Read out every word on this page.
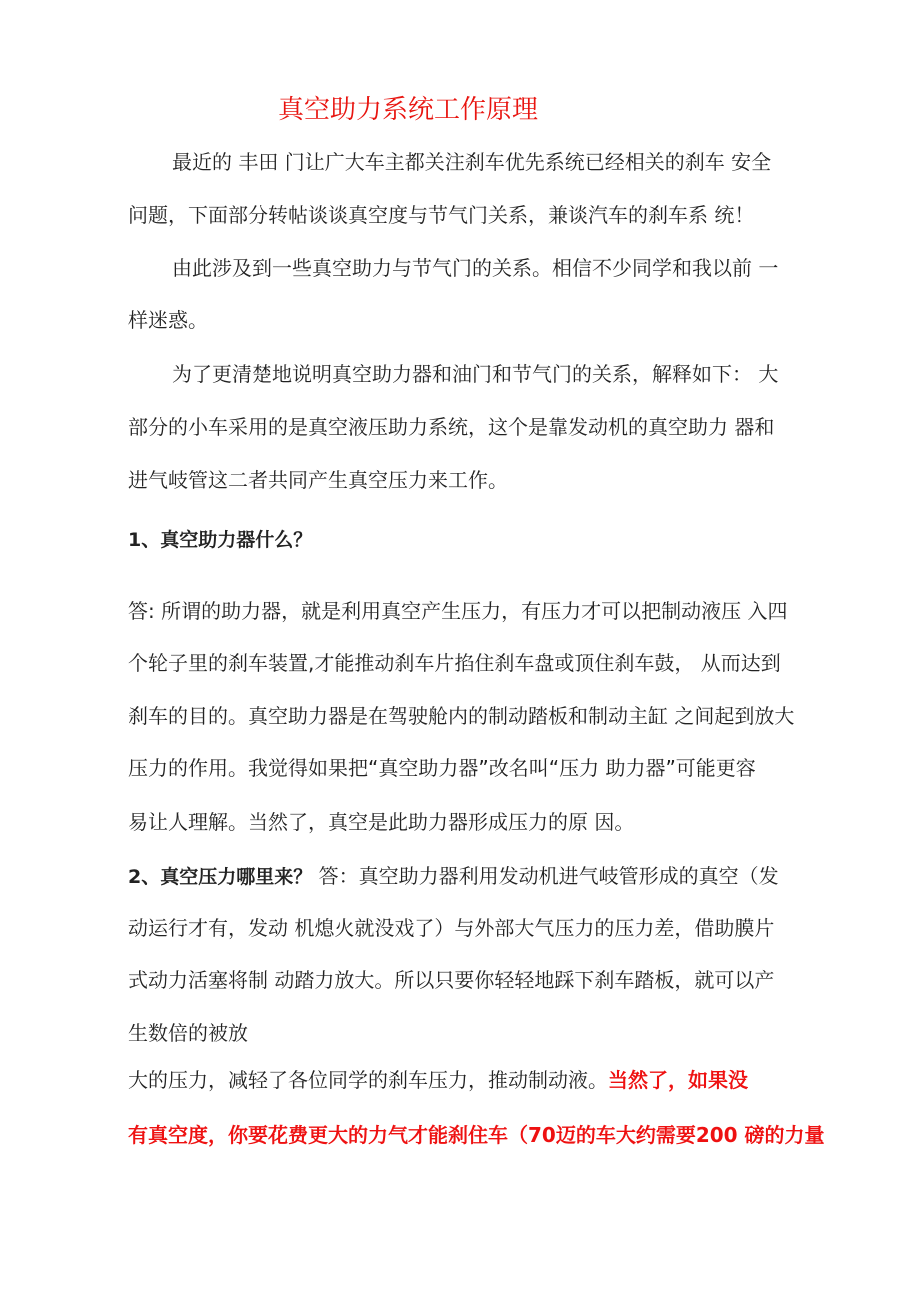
真空助力系统工作原理
最近的 丰田 门让广大车主都关注刹车优先系统已经相关的刹车 安全
问题，下面部分转帖谈谈真空度与节气门关系，兼谈汽车的刹车系 统！
由此涉及到一些真空助力与节气门的关系。相信不少同学和我以前 一
样迷惑。
为了更清楚地说明真空助力器和油门和节气门的关系，解释如下： 大
部分的小车采用的是真空液压助力系统，这个是靠发动机的真空助力 器和
进气岐管这二者共同产生真空压力来工作。
1、真空助力器什么？
答: 所谓的助力器，就是利用真空产生压力，有压力才可以把制动液压 入四
个轮子里的刹车装置,才能推动刹车片掐住刹车盘或顶住刹车鼓， 从而达到
刹车的目的。真空助力器是在驾驶舱内的制动踏板和制动主缸 之间起到放大
压力的作用。我觉得如果把“真空助力器”改名叫“压力 助力器”可能更容
易让人理解。当然了，真空是此助力器形成压力的原 因。
2、真空压力哪里来？ 答：真空助力器利用发动机进气岐管形成的真空（发
动运行才有，发动 机熄火就没戏了）与外部大气压力的压力差，借助膜片
式动力活塞将制 动踏力放大。所以只要你轻轻地踩下刹车踏板，就可以产
生数倍的被放
大的压力，减轻了各位同学的刹车压力，推动制动液。当然了，如果没
有真空度，你要花费更大的力气才能刹住车（70迈的车大约需要200 磅的力量
